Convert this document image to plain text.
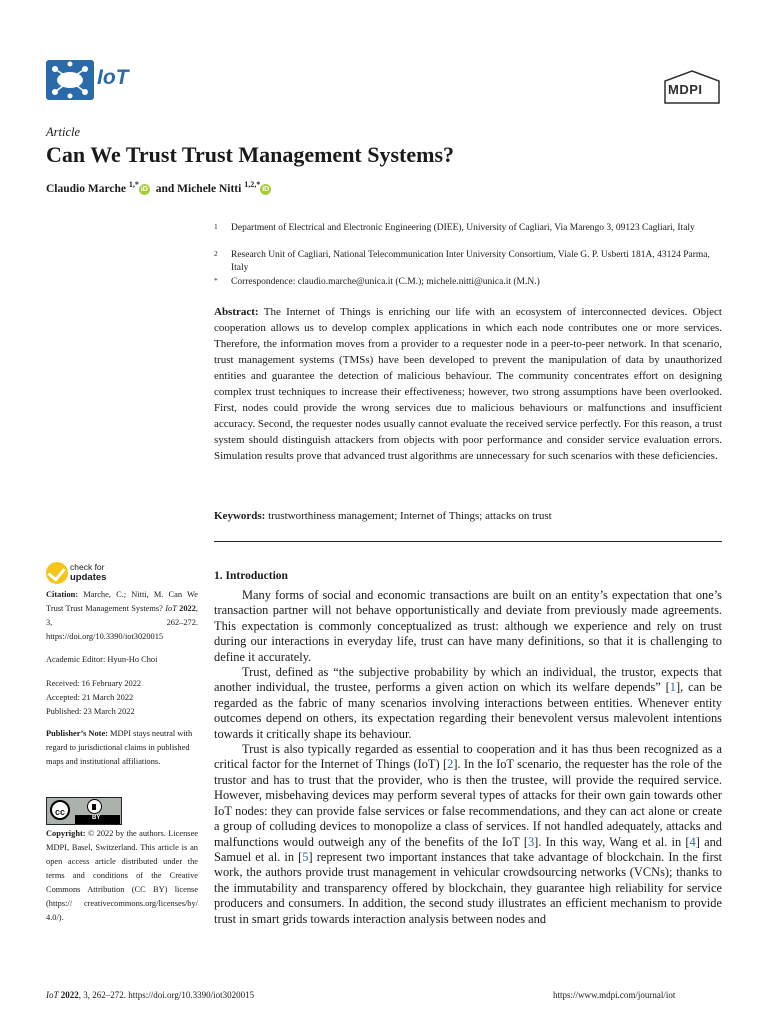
IoT
MDPI
Article
Can We Trust Trust Management Systems?
Claudio Marche $^{1,*}$iD and Michele Nitti $^{1,2,*}$iD
1 Department of Electrical and Electronic Engineering (DIEE), University of Cagliari, Via Marengo 3, 09123 Cagliari, Italy
2 Research Unit of Cagliari, National Telecommunication Inter University Consortium, Viale G. P. Usberti 181A, 43124 Parma, Italy
* Correspondence: claudio.marche@unica.it (C.M.); michele.nitti@unica.it (M.N.)
Abstract: The Internet of Things is enriching our life with an ecosystem of interconnected devices. Object cooperation allows us to develop complex applications in which each node contributes one or more services. Therefore, the information moves from a provider to a requester node in a peer-to-peer network. In that scenario, trust management systems (TMSs) have been developed to prevent the manipulation of data by unauthorized entities and guarantee the detection of malicious behaviour. The community concentrates effort on designing complex trust techniques to increase their effectiveness; however, two strong assumptions have been overlooked. First, nodes could provide the wrong services due to malicious behaviours or malfunctions and insufficient accuracy. Second, the requester nodes usually cannot evaluate the received service perfectly. For this reason, a trust system should distinguish attackers from objects with poor performance and consider service evaluation errors. Simulation results prove that advanced trust algorithms are unnecessary for such scenarios with these deficiencies.
Keywords: trustworthiness management; Internet of Things; attacks on trust
check for
updates
Citation: Marche, C.; Nitti, M. Can We Trust Trust Management Systems? IoT 2022, 3, 262–272. https://doi.org/10.3390/iot3020015
Academic Editor: Hyun-Ho Choi
Received: 16 February 2022
Accepted: 21 March 2022
Published: 23 March 2022
Publisher’s Note: MDPI stays neutral with regard to jurisdictional claims in published maps and institutional affiliations.
cc
BY
Copyright: © 2022 by the authors. Licensee MDPI, Basel, Switzerland. This article is an open access article distributed under the terms and conditions of the Creative Commons Attribution (CC BY) license (https:// creativecommons.org/licenses/by/ 4.0/).
1. Introduction

Many forms of social and economic transactions are built on an entity’s expectation that one’s transaction partner will not behave opportunistically and deviate from previously made agreements. This expectation is commonly conceptualized as trust: although we experience and rely on trust during our interactions in everyday life, trust can have many definitions, so that it is challenging to define it accurately.

Trust, defined as “the subjective probability by which an individual, the trustor, expects that another individual, the trustee, performs a given action on which its welfare depends” [1], can be regarded as the fabric of many scenarios involving interactions between entities. Whenever entity outcomes depend on others, its expectation regarding their benevolent versus malevolent intentions towards it critically shape its behaviour.

Trust is also typically regarded as essential to cooperation and it has thus been recognized as a critical factor for the Internet of Things (IoT) [2]. In the IoT scenario, the requester has the role of the trustor and has to trust that the provider, who is then the trustee, will provide the required service. However, misbehaving devices may perform several types of attacks for their own gain towards other IoT nodes: they can provide false services or false recommendations, and they can act alone or create a group of colluding devices to monopolize a class of services. If not handled adequately, attacks and malfunctions would outweigh any of the benefits of the IoT [3]. In this way, Wang et al. in [4] and Samuel et al. in [5] represent two important instances that take advantage of blockchain. In the first work, the authors provide trust management in vehicular crowdsourcing networks (VCNs); thanks to the immutability and transparency offered by blockchain, they guarantee high reliability for service producers and consumers. In addition, the second study illustrates an efficient mechanism to provide trust in smart grids towards interaction analysis between nodes and

IoT 2022, 3, 262–272. https://doi.org/10.3390/iot3020015	https://www.mdpi.com/journal/iot
